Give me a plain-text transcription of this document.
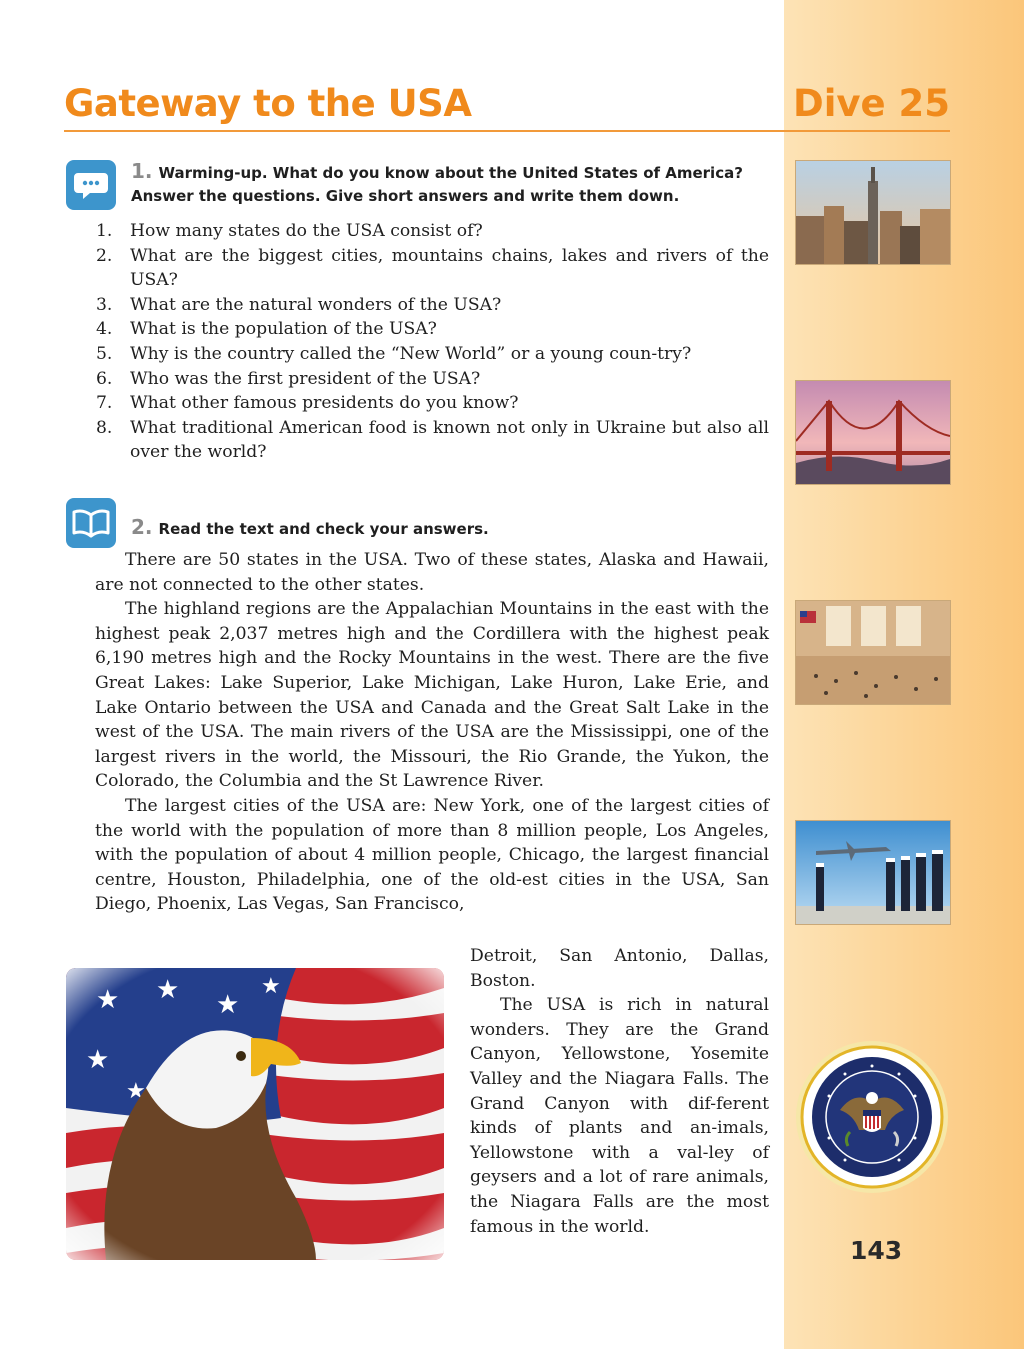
Gateway to the USA	Dive 25
1. Warming-up. What do you know about the United States of America? Answer the questions. Give short answers and write them down.
1.	How many states do the USA consist of?
2.	What are the biggest cities, mountains chains, lakes and rivers of the USA?
3.	What are the natural wonders of the USA?
4.	What is the population of the USA?
5.	Why is the country called the “New World” or a young coun-try?
6.	Who was the first president of the USA?
7.	What other famous presidents do you know?
8.	What traditional American food is known not only in Ukraine but also all over the world?
2. Read the text and check your answers.

There are 50 states in the USA. Two of these states, Alaska and Hawaii, are not connected to the other states.

The highland regions are the Appalachian Mountains in the east with the highest peak 2,037 metres high and the Cordillera with the highest peak 6,190 metres high and the Rocky Mountains in the west. There are the five Great Lakes: Lake Superior, Lake Michigan, Lake Huron, Lake Erie, and Lake Ontario between the USA and Canada and the Great Salt Lake in the west of the USA. The main rivers of the USA are the Mississippi, one of the largest rivers in the world, the Missouri, the Rio Grande, the Yukon, the Colorado, the Columbia and the St Lawrence River.

The largest cities of the USA are: New York, one of the largest cities of the world with the population of more than 8 million people, Los Angeles, with the population of about 4 million people, Chicago, the largest financial centre, Houston, Philadelphia, one of the old-est cities in the USA, San Diego, Phoenix, Las Vegas, San Francisco,

Detroit, San Antonio, Dallas, Boston.

The USA is rich in natural wonders. They are the Grand Canyon, Yellowstone, Yosemite Valley and the Niagara Falls. The Grand Canyon with dif-ferent kinds of plants and an-imals, Yellowstone with a val-ley of geysers and a lot of rare animals, the Niagara Falls are the most famous in the world.

143
